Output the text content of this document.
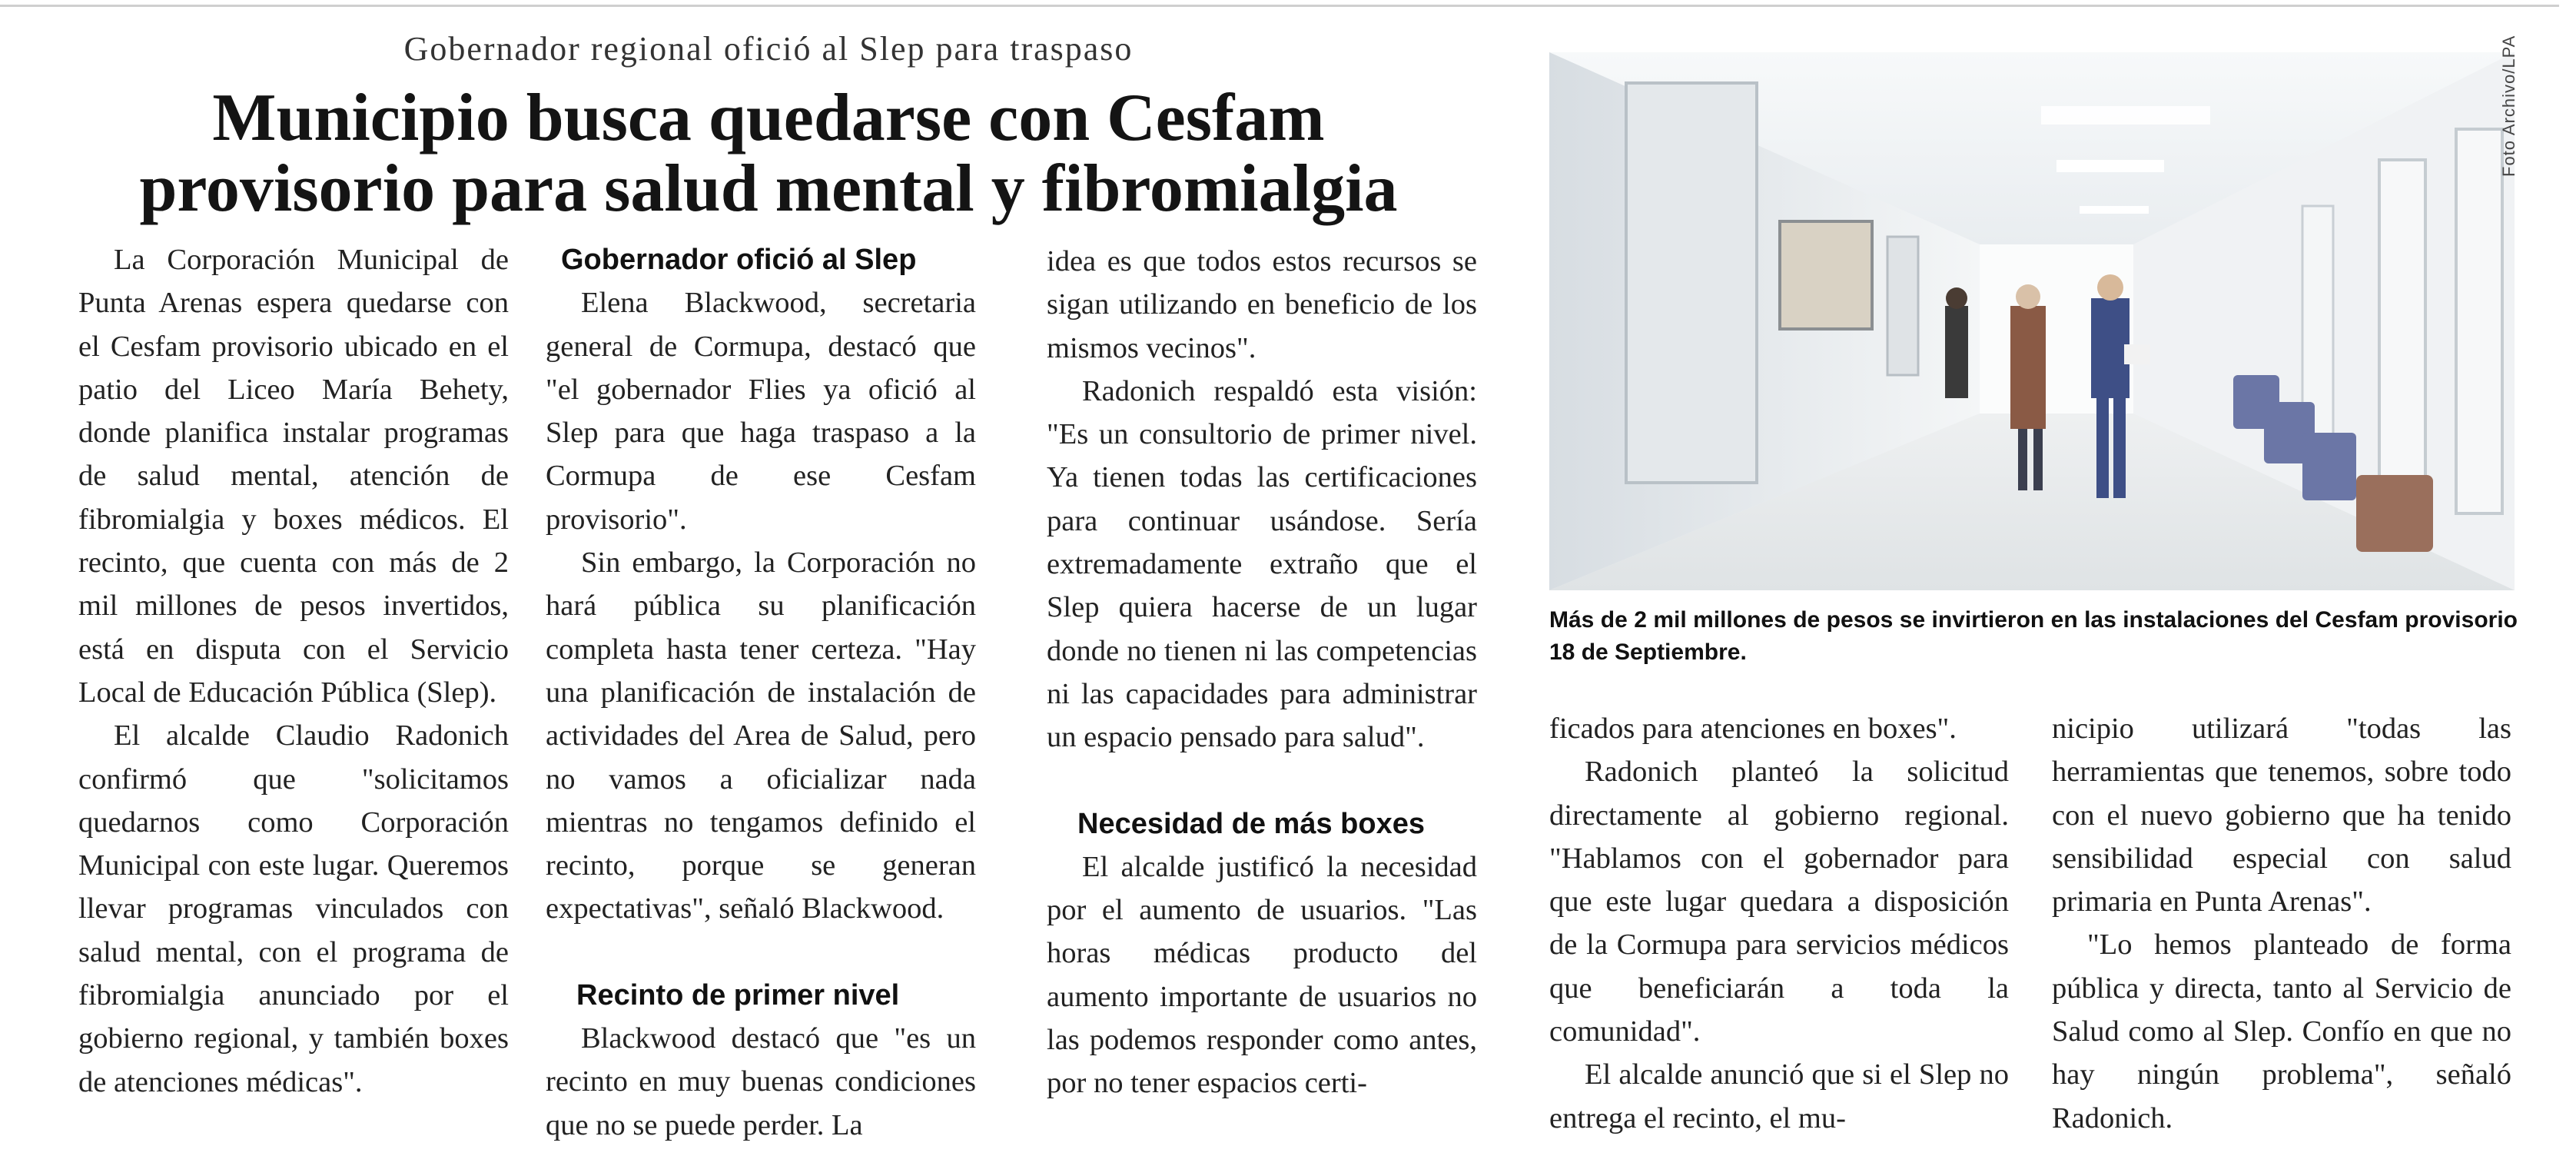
Gobernador regional ofició al Slep para traspaso
Municipio busca quedarse con Cesfam
provisorio para salud mental y fibromialgia

La Corporación Municipal de Punta Arenas espera quedarse con el Cesfam provisorio ubicado en el patio del Liceo María Behety, donde planifica instalar programas de salud mental, atención de fibromialgia y boxes médicos. El recinto, que cuenta con más de 2 mil millones de pesos invertidos, está en disputa con el Servicio Local de Educación Pública (Slep).

El alcalde Claudio Radonich confirmó que "solicitamos quedarnos como Corporación Municipal con este lugar. Queremos llevar programas vinculados con salud mental, con el programa de fibromialgia anunciado por el gobierno regional, y también boxes de atenciones médicas".

Gobernador ofició al Slep

Elena Blackwood, secretaria general de Cormupa, destacó que "el gobernador Flies ya ofició al Slep para que haga traspaso a la Cormupa de ese Cesfam provisorio".

Sin embargo, la Corporación no hará pública su planificación completa hasta tener certeza. "Hay una planificación de instalación de actividades del Area de Salud, pero no vamos a oficializar nada mientras no tengamos definido el recinto, porque se generan expectativas", señaló Blackwood.

Recinto de primer nivel

Blackwood destacó que "es un recinto en muy buenas condiciones que no se puede perder. La

idea es que todos estos recursos se sigan utilizando en beneficio de los mismos vecinos".

Radonich respaldó esta visión: "Es un consultorio de primer nivel. Ya tienen todas las certificaciones para continuar usándose. Sería extremadamente extraño que el Slep quiera hacerse de un lugar donde no tienen ni las competencias ni las capacidades para administrar un espacio pensado para salud".

Necesidad de más boxes

El alcalde justificó la necesidad por el aumento de usuarios. "Las horas médicas producto del aumento importante de usuarios no las podemos responder como antes, por no tener espacios certi-

Foto Archivo/LPA
Más de 2 mil millones de pesos se invirtieron en las instalaciones del Cesfam provisorio 18 de Septiembre.

ficados para atenciones en boxes".

Radonich planteó la solicitud directamente al gobierno regional. "Hablamos con el gobernador para que este lugar quedara a disposición de la Cormupa para servicios médicos que beneficiarán a toda la comunidad".

El alcalde anunció que si el Slep no entrega el recinto, el mu-

nicipio utilizará "todas las herramientas que tenemos, sobre todo con el nuevo gobierno que ha tenido sensibilidad especial con salud primaria en Punta Arenas".

"Lo hemos planteado de forma pública y directa, tanto al Servicio de Salud como al Slep. Confío en que no hay ningún problema", señaló Radonich.
